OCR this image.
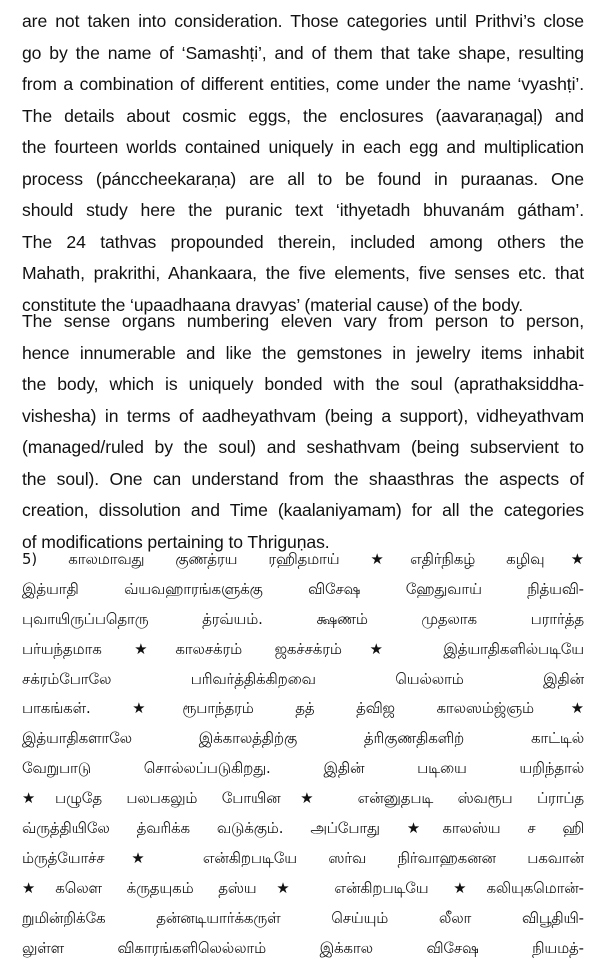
are not taken into consideration. Those categories until Prithvi’s close
go by the name of ‘Samashṭi’, and of them that take shape, resulting
from a combination of different entities, come under the name ‘vyashṭi’.
The details about cosmic eggs, the enclosures (aavaraṇagaḷ) and
the fourteen worlds contained uniquely in each egg and multiplication
process (pánccheekaraṇa) are all to be found in puraanas. One
should study here the puranic text ‘ithyetadh bhuvanám gátham’.
The 24 tathvas propounded therein, included among others the
Mahath, prakrithi, Ahankaara, the five elements, five senses etc. that
constitute the ‘upaadhaana dravyas’ (material cause) of the body.
The sense organs numbering eleven vary from person to person,
hence innumerable and like the gemstones in jewelry items inhabit
the body, which is uniquely bonded with the soul (aprathaksiddha-
vishesha) in terms of aadheyathvam (being a support), vidheyathvam
(managed/ruled by the soul) and seshathvam (being subservient to
the soul). One can understand from the shaasthras the aspects of
creation, dissolution and Time (kaalaniyamam) for all the categories
of modifications pertaining to Thriguṇas.
5) காலமாவது குணத்ரய ரஹிதமாய் ★எதிர்நிகழ் கழிவு★
இத்யாதி வ்யவஹாரங்களுக்கு விசேஷ ஹேதுவாய் நித்யவி-
புவாயிருப்பதொரு த்ரவ்யம். க்ஷணம் முதலாக பரார்த்த
பர்யந்தமாக ★காலசக்ரம் ஜகச்சக்ரம்★ இத்யாதிகளில்படியே
சக்ரம்போலே பரிவர்த்திக்கிறவை யெல்லாம் இதின்
பாகங்கள். ★ரூபாந்தரம் தத் த்விஜ காலஸம்ஜ்ஞம்★
இத்யாதிகளாலே இக்காலத்திற்கு த்ரிகுணதிகளிற் காட்டில்
வேறுபாடு சொல்லப்படுகிறது. இதின் படியை யறிந்தால்
★பழுதே பலபகலும் போயின★ என்னுதபடி ஸ்வரூப ப்ராப்த
வ்ருத்தியிலே த்வரிக்க வடுக்கும். அப்போது ★காலஸ்ய ச ஹி
ம்ருத்யோச்ச★ என்கிறபடியே ஸர்வ நிர்வாஹகனன பகவான்
★கலௌ க்ருதயுகம் தஸ்ய★ என்கிறபடியே ★கலியுகமொன்-
றுமின்றிக்கே தன்னடியார்க்கருள் செய்யும் லீலா விபூதியி-
லுள்ள விகாரங்களிலெல்லாம் இக்கால விசேஷ நியமத்-
